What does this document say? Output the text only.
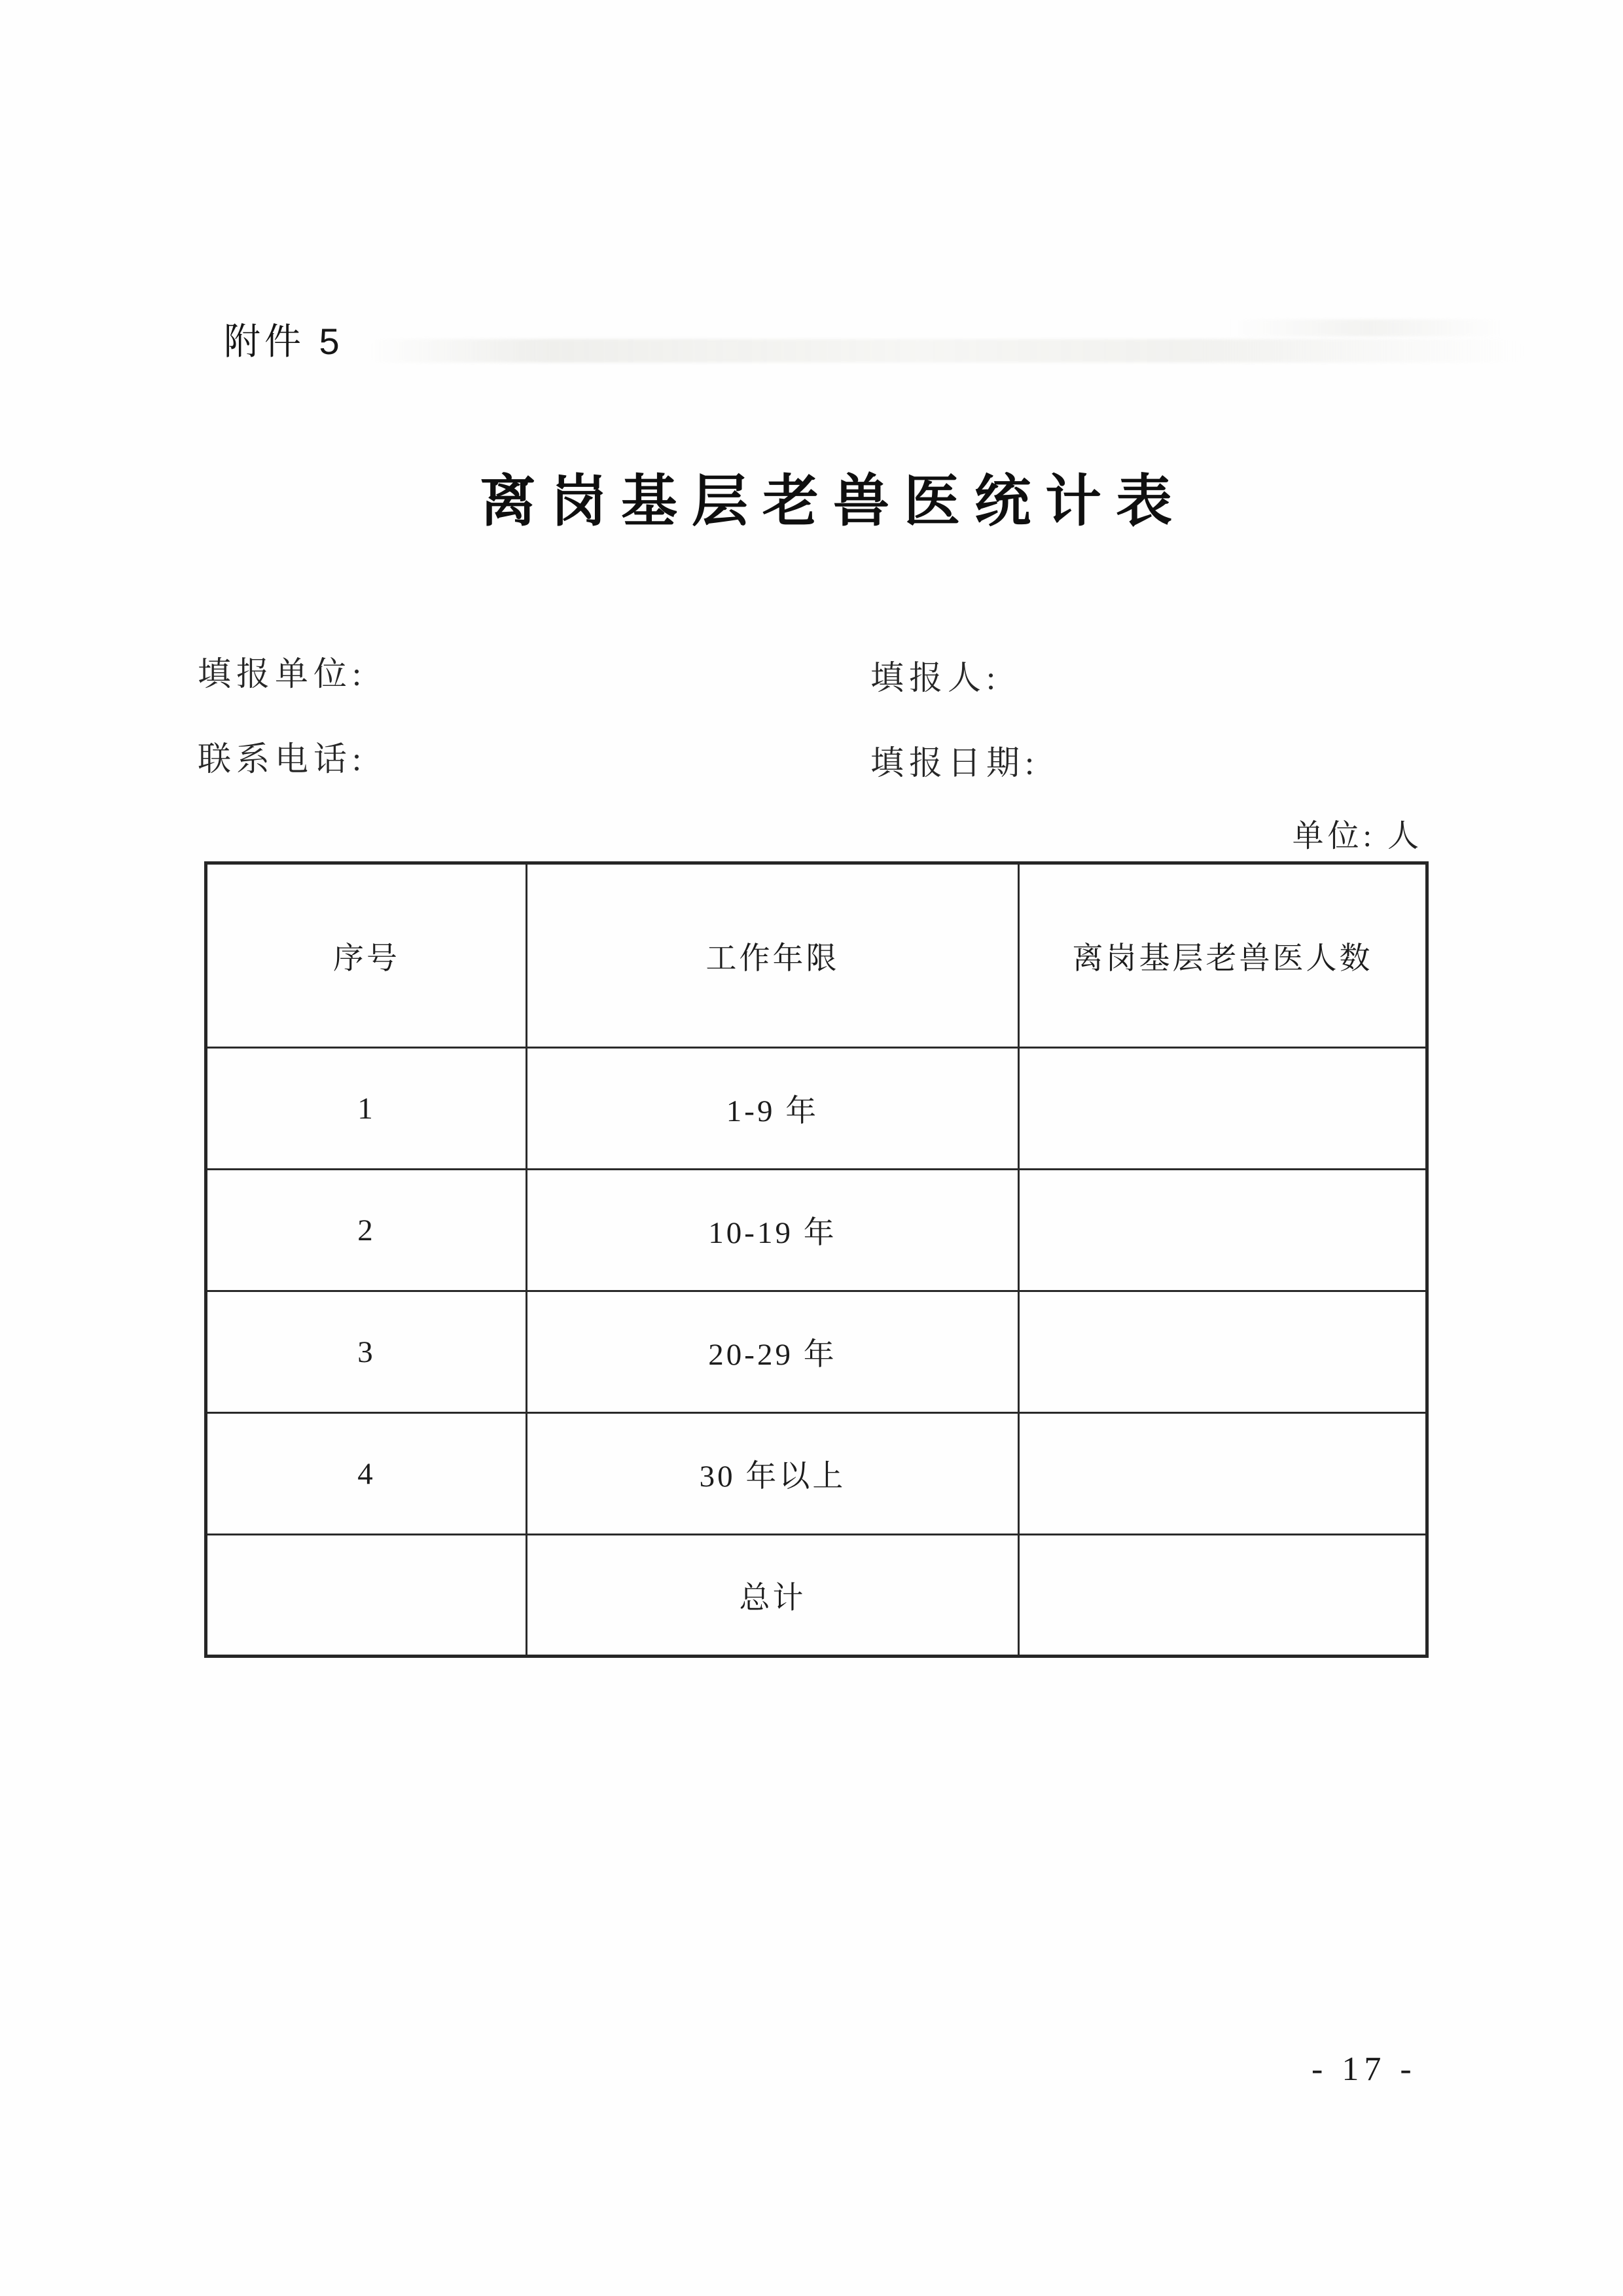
附件 5
离岗基层老兽医统计表
填报单位:	填报人:
联系电话:	填报日期:
单位: 人
序号	工作年限	离岗基层老兽医人数
1	1-9 年	
2	10-19 年	
3	20-29 年	
4	30 年以上	
	总计	
- 17 -
